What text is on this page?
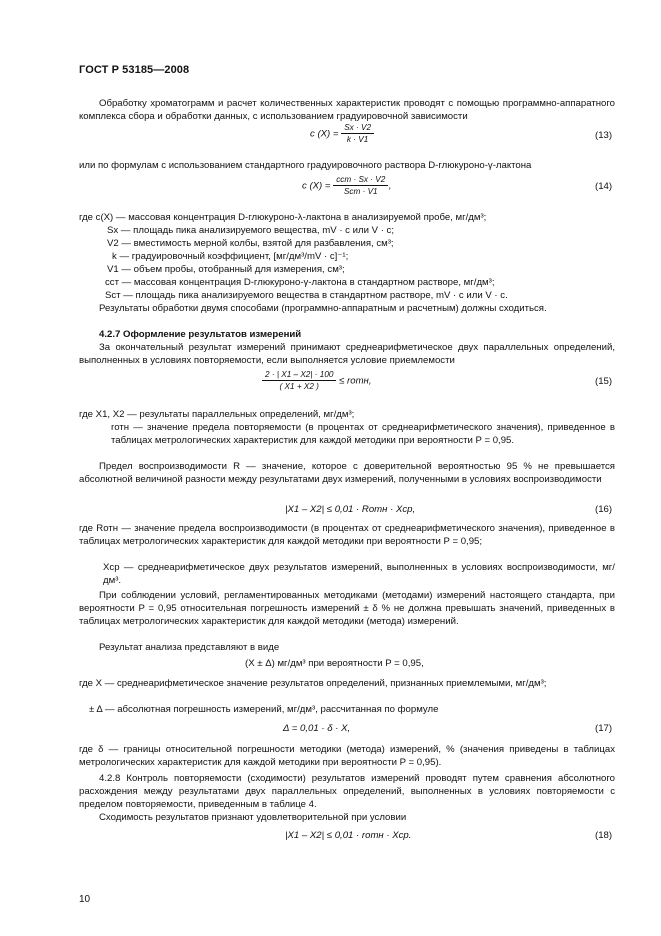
ГОСТ Р 53185—2008

Обработку хроматограмм и расчет количественных характеристик проводят с помощью программно-аппаратного комплекса сбора и обработки данных, с использованием градуировочной зависимости

c $(X) = \frac{Sx \cdot V2}{k \cdot V1}$	(13)

или по формулам с использованием стандартного градуировочного раствора D-глюкуроно-γ-лактона

c $(X) = \frac{\text{cст · Sx · V2}}{\text{Sст · V1}}$ ,	(14)

где c(X) — массовая концентрация D-глюкуроно-λ-лактона в анализируемой пробе, мг/дм³;

Sx — площадь пика анализируемого вещества, mV · с или V · с;

V2 — вместимость мерной колбы, взятой для разбавления, см³;

k — градуировочный коэффициент, [мг/дм³/mV · с]⁻¹;

V1 — объем пробы, отобранный для измерения, см³;

cст — массовая концентрация D-глюкуроно-γ-лактона в стандартном растворе, мг/дм³;

Sст — площадь пика анализируемого вещества в стандартном растворе, mV · с или V · с.

Результаты обработки двумя способами (программно-аппаратным и расчетным) должны сходиться.

4.2.7 Оформление результатов измерений

За окончательный результат измерений принимают среднеарифметическое двух параллельных определений, выполненных в условиях повторяемости, если выполняется условие приемлемости

$\frac{2 \cdot | X1 - X2| \cdot 100}{( X1 + X2 )}$ ≤ rотн,	(15)

где X1, X2 — результаты параллельных определений, мг/дм³;

rотн — значение предела повторяемости (в процентах от среднеарифметического значения), приведенное в таблицах метрологических характеристик для каждой методики при вероятности P = 0,95.

Предел воспроизводимости R — значение, которое с доверительной вероятностью 95 % не превышается абсолютной величиной разности между результатами двух измерений, полученными в условиях воспроизводимости

|X1 – X2| ≤ 0,01 · Rотн · Xср,	(16)

где Rотн — значение предела воспроизводимости (в процентах от среднеарифметического значения), приведенное в таблицах метрологических характеристик для каждой методики при вероятности P = 0,95;

Xср — среднеарифметическое двух результатов измерений, выполненных в условиях воспроизводимости, мг/дм³.

При соблюдении условий, регламентированных методиками (методами) измерений настоящего стандарта, при вероятности P = 0,95 относительная погрешность измерений ± δ % не должна превышать значений, приведенных в таблицах метрологических характеристик для каждой методики (метода) измерений.

Результат анализа представляют в виде

(X ± Δ) мг/дм³ при вероятности P = 0,95,

где X — среднеарифметическое значение результатов определений, признанных приемлемыми, мг/дм³;

± Δ — абсолютная погрешность измерений, мг/дм³, рассчитанная по формуле

Δ = 0,01 · δ · X,	(17)

где δ — границы относительной погрешности методики (метода) измерений, % (значения приведены в таблицах метрологических характеристик для каждой методики при вероятности P = 0,95).

4.2.8 Контроль повторяемости (сходимости) результатов измерений проводят путем сравнения абсолютного расхождения между результатами двух параллельных определений, выполненных в условиях повторяемости с пределом повторяемости, приведенным в таблице 4.

Сходимость результатов признают удовлетворительной при условии

|X1 – X2| ≤ 0,01 · rотн · Xср.	(18)
10
